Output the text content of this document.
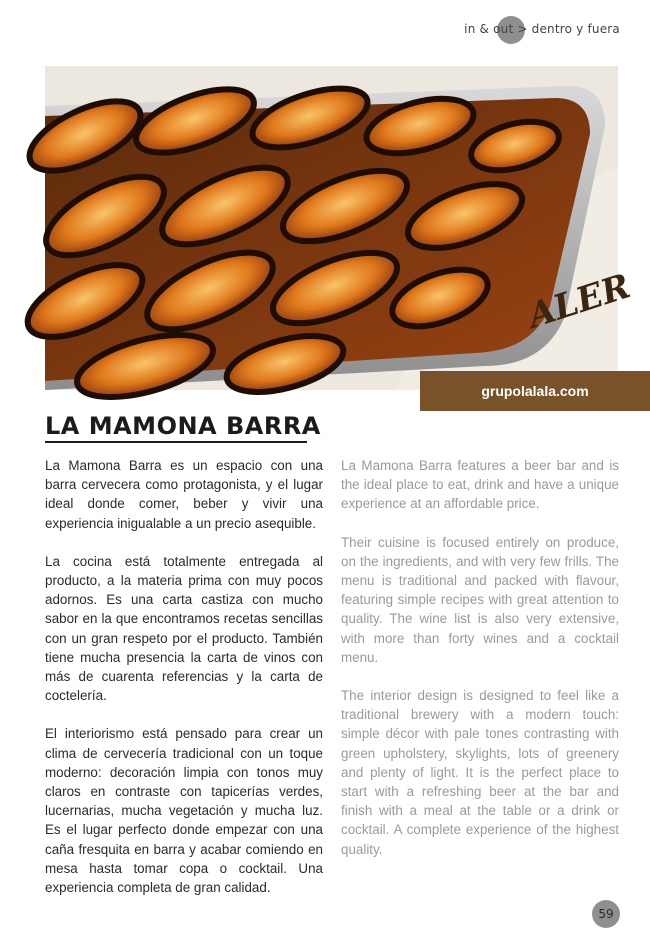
in & out > dentro y fuera
ALER
grupolalala.com
LA MAMONA BARRA

La Mamona Barra es un espacio con una barra cervecera como protagonista, y el lugar ideal donde comer, beber y vivir una experiencia inigualable a un precio asequible.

La cocina está totalmente entregada al producto, a la materia prima con muy pocos adornos. Es una carta castiza con mucho sabor en la que encontramos recetas sencillas con un gran respeto por el producto. También tiene mucha presencia la carta de vinos con más de cuarenta referencias y la carta de coctelería.

El interiorismo está pensado para crear un clima de cervecería tradicional con un toque moderno: decoración limpia con tonos muy claros en contraste con tapicerías verdes, lucernarias, mucha vegetación y mucha luz. Es el lugar perfecto donde empezar con una caña fresquita en barra y acabar comiendo en mesa hasta tomar copa o cocktail. Una experiencia completa de gran calidad.

La Mamona Barra features a beer bar and is the ideal place to eat, drink and have a unique experience at an affordable price.

Their cuisine is focused entirely on produce, on the ingredients, and with very few frills. The menu is traditional and packed with flavour, featuring simple recipes with great attention to quality. The wine list is also very extensive, with more than forty wines and a cocktail menu.

The interior design is designed to feel like a traditional brewery with a modern touch: simple décor with pale tones contrasting with green upholstery, skylights, lots of greenery and plenty of light. It is the perfect place to start with a refreshing beer at the bar and finish with a meal at the table or a drink or cocktail. A complete experience of the highest quality.

59
